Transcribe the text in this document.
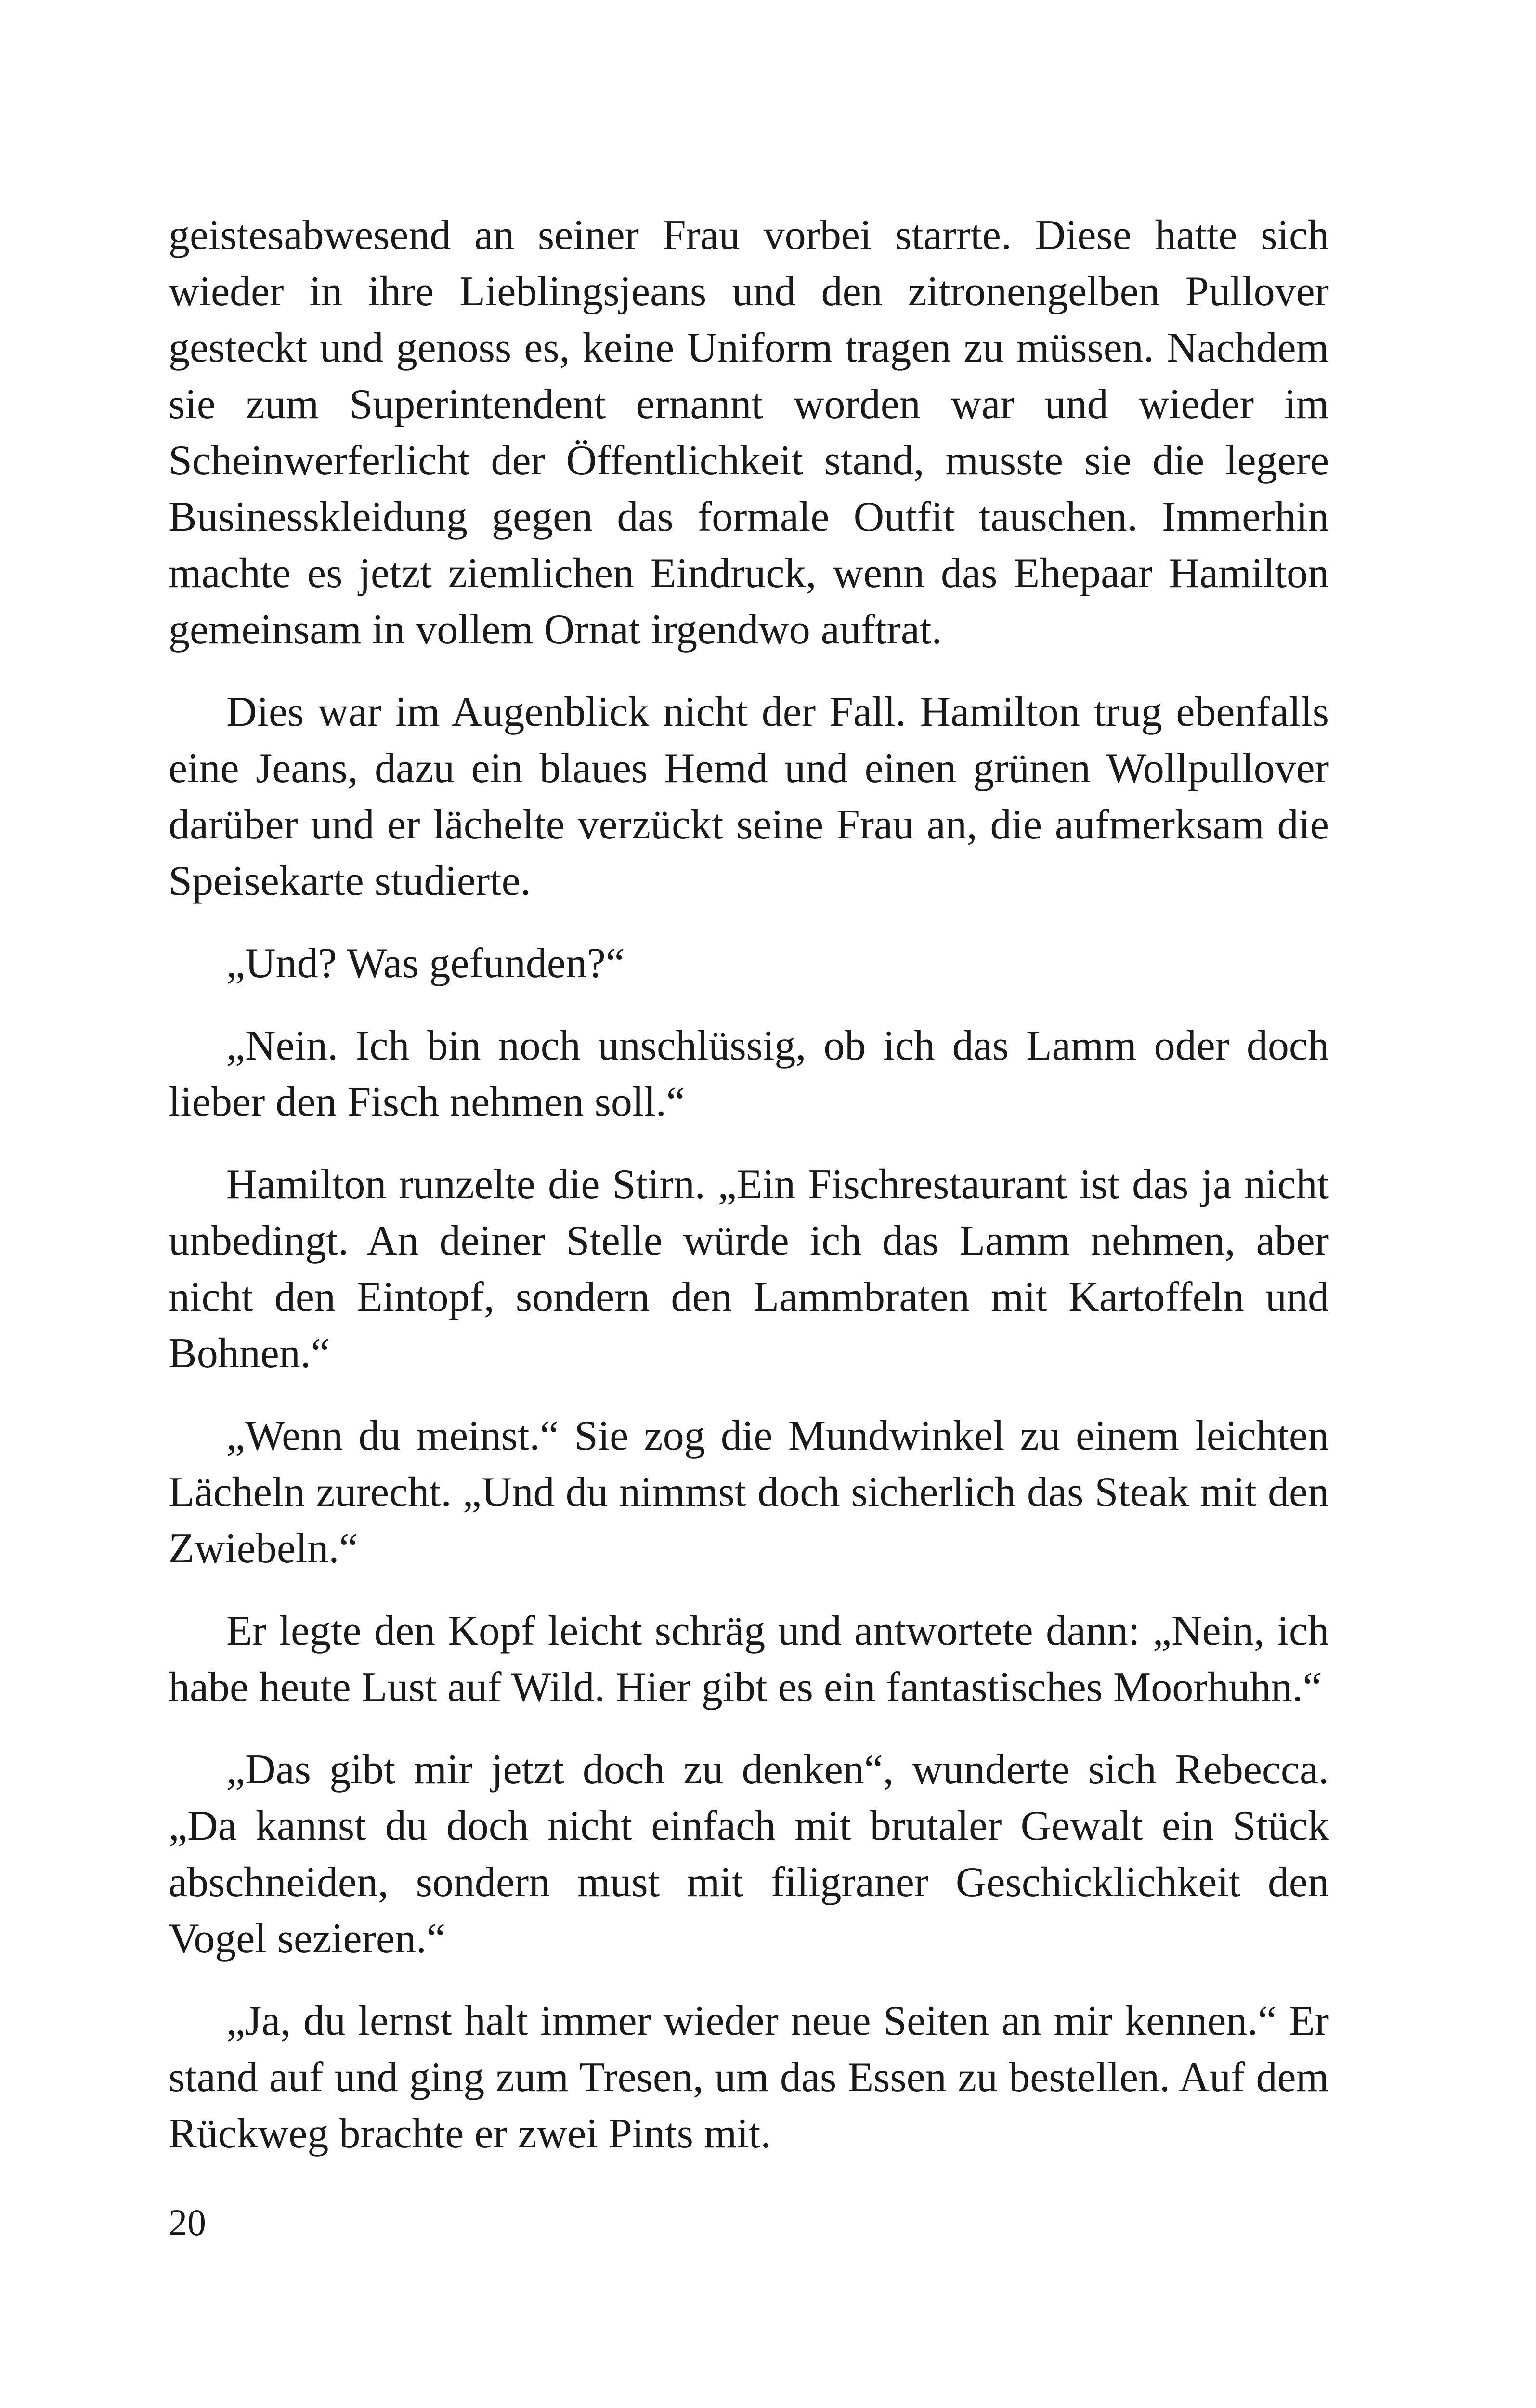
geistesabwesend an seiner Frau vorbei starrte. Diese hatte sich wieder in ihre Lieblingsjeans und den zitronengelben Pullover gesteckt und genoss es, keine Uniform tragen zu müssen. Nachdem sie zum Superintendent ernannt worden war und wieder im Scheinwerferlicht der Öffentlichkeit stand, musste sie die legere Businesskleidung gegen das formale Outfit tauschen. Immerhin machte es jetzt ziemlichen Eindruck, wenn das Ehepaar Hamilton gemeinsam in vollem Ornat irgendwo auftrat.

Dies war im Augenblick nicht der Fall. Hamilton trug ebenfalls eine Jeans, dazu ein blaues Hemd und einen grünen Wollpullover darüber und er lächelte verzückt seine Frau an, die aufmerksam die Speisekarte studierte.

„Und? Was gefunden?“

„Nein. Ich bin noch unschlüssig, ob ich das Lamm oder doch lieber den Fisch nehmen soll.“

Hamilton runzelte die Stirn. „Ein Fischrestaurant ist das ja nicht unbedingt. An deiner Stelle würde ich das Lamm nehmen, aber nicht den Eintopf, sondern den Lammbraten mit Kartoffeln und Bohnen.“

„Wenn du meinst.“ Sie zog die Mundwinkel zu einem leichten Lächeln zurecht. „Und du nimmst doch sicherlich das Steak mit den Zwiebeln.“

Er legte den Kopf leicht schräg und antwortete dann: „Nein, ich habe heute Lust auf Wild. Hier gibt es ein fantastisches Moorhuhn.“

„Das gibt mir jetzt doch zu denken“, wunderte sich Rebecca. „Da kannst du doch nicht einfach mit brutaler Gewalt ein Stück abschneiden, sondern must mit filigraner Geschicklichkeit den Vogel sezieren.“

„Ja, du lernst halt immer wieder neue Seiten an mir kennen.“ Er stand auf und ging zum Tresen, um das Essen zu bestellen. Auf dem Rückweg brachte er zwei Pints mit.

20
